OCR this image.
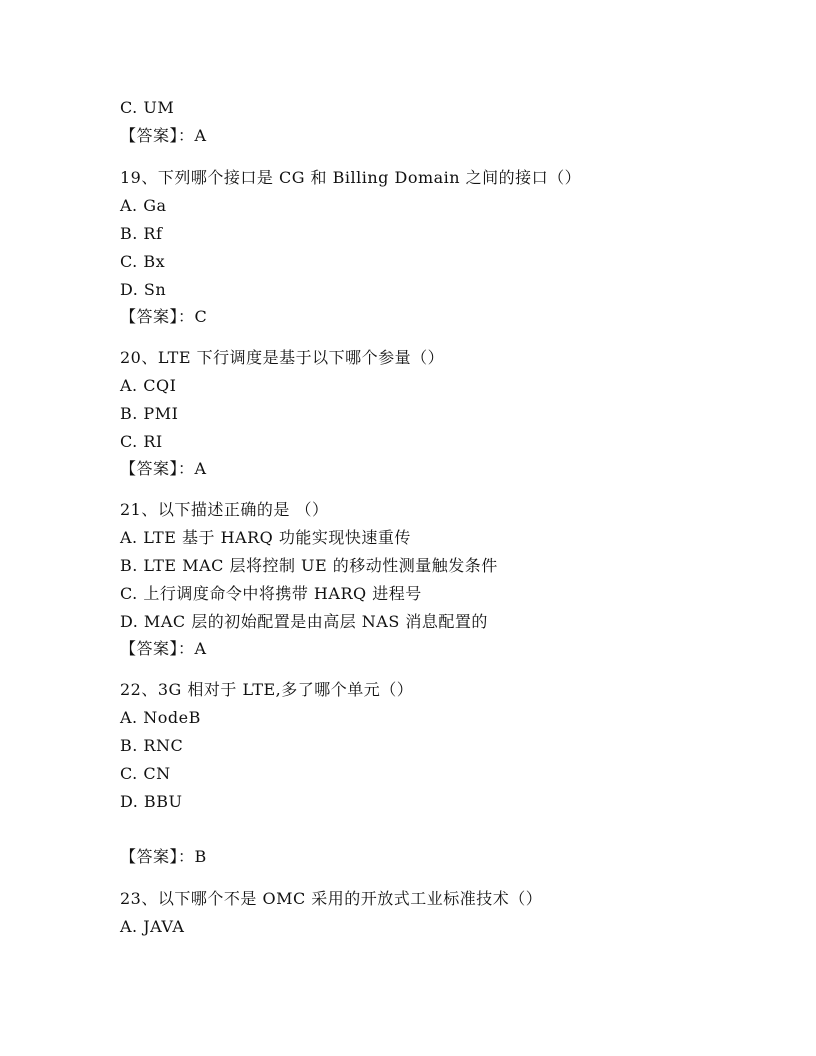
C. UM
【答案】：A
19、下列哪个接口是 CG 和 Billing Domain 之间的接口（）
A. Ga
B. Rf
C. Bx
D. Sn
【答案】：C
20、LTE 下行调度是基于以下哪个参量（）
A. CQI
B. PMI
C. RI
【答案】：A
21、以下描述正确的是 （）
A. LTE 基于 HARQ 功能实现快速重传
B. LTE MAC 层将控制 UE 的移动性测量触发条件
C. 上行调度命令中将携带 HARQ 进程号
D. MAC 层的初始配置是由高层 NAS 消息配置的
【答案】：A
22、3G 相对于 LTE,多了哪个单元（）
A. NodeB
B. RNC
C. CN
D. BBU
【答案】：B
23、以下哪个不是 OMC 采用的开放式工业标准技术（）
A. JAVA
